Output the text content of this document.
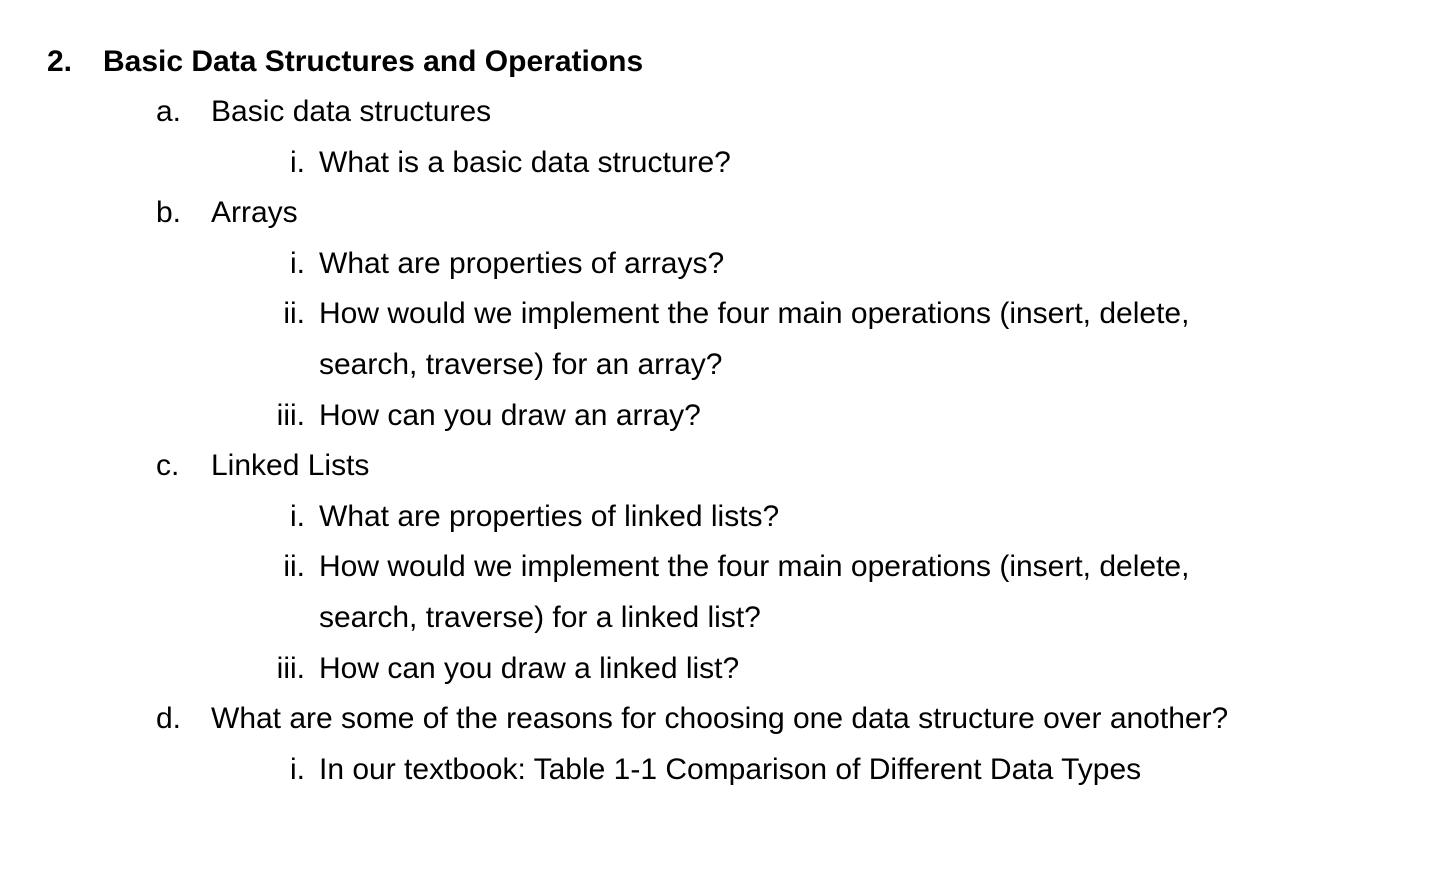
2. Basic Data Structures and Operations
a. Basic data structures
i. What is a basic data structure?
b. Arrays
i. What are properties of arrays?
ii. How would we implement the four main operations (insert, delete,
search, traverse) for an array?
iii. How can you draw an array?
c. Linked Lists
i. What are properties of linked lists?
ii. How would we implement the four main operations (insert, delete,
search, traverse) for a linked list?
iii. How can you draw a linked list?
d. What are some of the reasons for choosing one data structure over another?
i. In our textbook: Table 1-1 Comparison of Different Data Types
